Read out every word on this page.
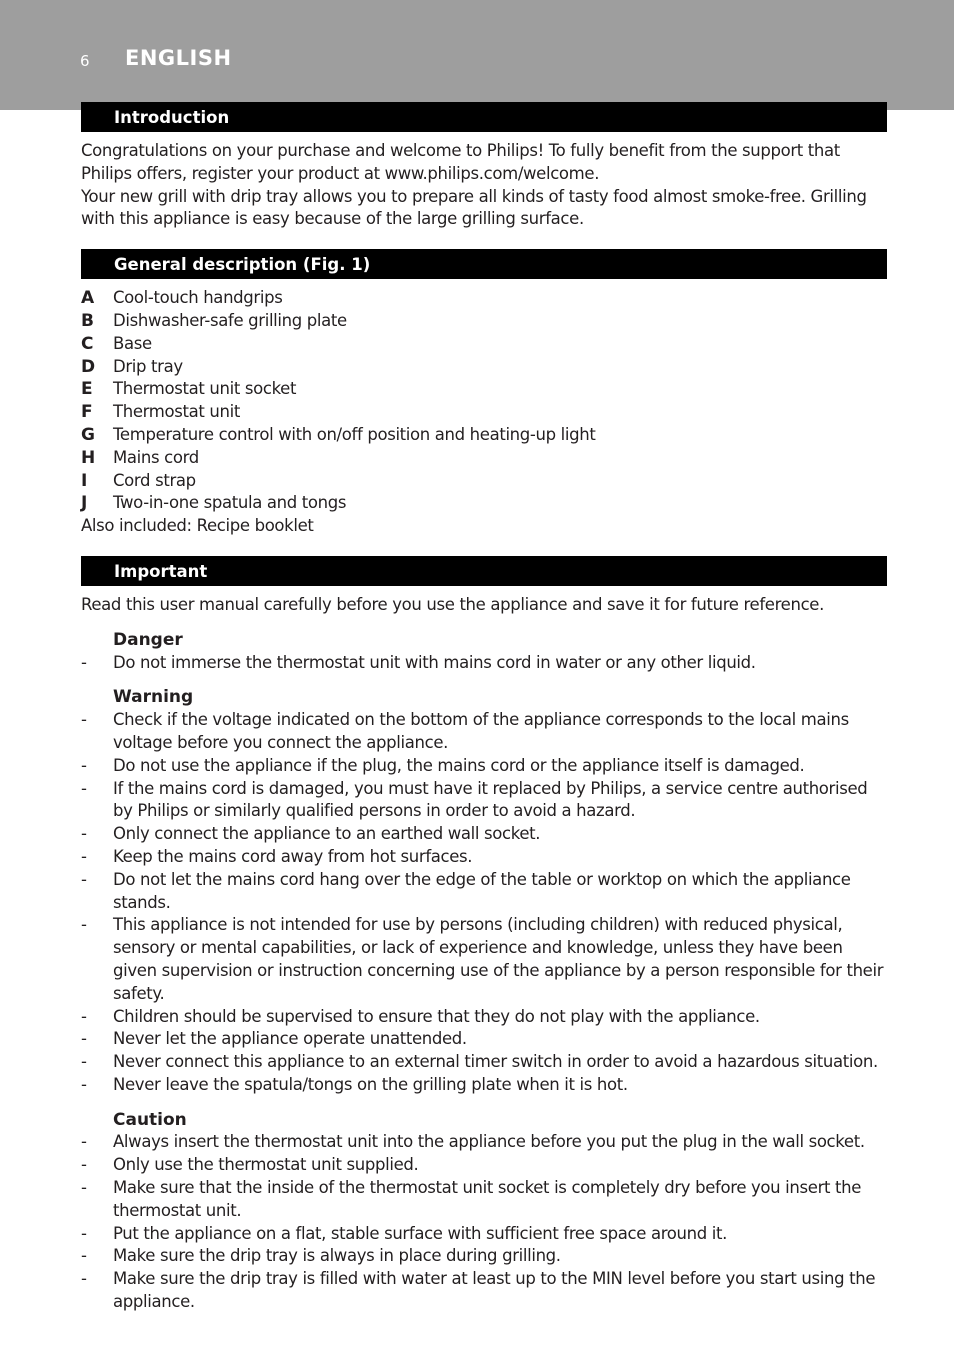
6 ENGLISH
Introduction

Congratulations on your purchase and welcome to Philips! To fully benefit from the support that Philips offers, register your product at www.philips.com/welcome.

Your new grill with drip tray allows you to prepare all kinds of tasty food almost smoke-free. Grilling with this appliance is easy because of the large grilling surface.

General description (Fig. 1)
A	Cool-touch handgrips
B	Dishwasher-safe grilling plate
C	Base
D	Drip tray
E	Thermostat unit socket
F	Thermostat unit
G	Temperature control with on/off position and heating-up light
H	Mains cord
I	Cord strap
J	Two-in-one spatula and tongs

Also included: Recipe booklet

Important

Read this user manual carefully before you use the appliance and save it for future reference.

Danger

-	Do not immerse the thermostat unit with mains cord in water or any other liquid.

Warning

-	Check if the voltage indicated on the bottom of the appliance corresponds to the local mains voltage before you connect the appliance.
-	Do not use the appliance if the plug, the mains cord or the appliance itself is damaged.
-	If the mains cord is damaged, you must have it replaced by Philips, a service centre authorised by Philips or similarly qualified persons in order to avoid a hazard.
-	Only connect the appliance to an earthed wall socket.
-	Keep the mains cord away from hot surfaces.
-	Do not let the mains cord hang over the edge of the table or worktop on which the appliance stands.
-	This appliance is not intended for use by persons (including children) with reduced physical, sensory or mental capabilities, or lack of experience and knowledge, unless they have been given supervision or instruction concerning use of the appliance by a person responsible for their safety.
-	Children should be supervised to ensure that they do not play with the appliance.
-	Never let the appliance operate unattended.
-	Never connect this appliance to an external timer switch in order to avoid a hazardous situation.
-	Never leave the spatula/tongs on the grilling plate when it is hot.

Caution

-	Always insert the thermostat unit into the appliance before you put the plug in the wall socket.
-	Only use the thermostat unit supplied.
-	Make sure that the inside of the thermostat unit socket is completely dry before you insert the thermostat unit.
-	Put the appliance on a flat, stable surface with sufficient free space around it.
-	Make sure the drip tray is always in place during grilling.
-	Make sure the drip tray is filled with water at least up to the MIN level before you start using the appliance.
